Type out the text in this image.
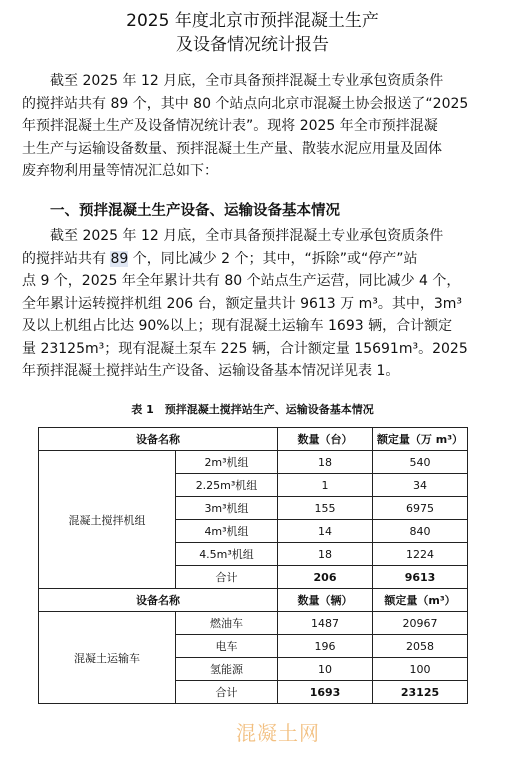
2025 年度北京市预拌混凝土生产
及设备情况统计报告
截至 2025 年 12 月底，全市具备预拌混凝土专业承包资质条件
的搅拌站共有 89 个，其中 80 个站点向北京市混凝土协会报送了“2025
年预拌混凝土生产及设备情况统计表”。现将 2025 年全市预拌混凝
土生产与运输设备数量、预拌混凝土生产量、散装水泥应用量及固体
废弃物利用量等情况汇总如下：
一、预拌混凝土生产设备、运输设备基本情况
截至 2025 年 12 月底，全市具备预拌混凝土专业承包资质条件
的搅拌站共有 89 个，同比减少 2 个；其中，“拆除”或“停产”站
点 9 个，2025 年全年累计共有 80 个站点生产运营，同比减少 4 个，
全年累计运转搅拌机组 206 台，额定量共计 9613 万 m³。其中，3m³
及以上机组占比达 90%以上；现有混凝土运输车 1693 辆，合计额定
量 23125m³；现有混凝土泵车 225 辆，合计额定量 15691m³。2025
年预拌混凝土搅拌站生产设备、运输设备基本情况详见表 1。
表 1　预拌混凝土搅拌站生产、运输设备基本情况
设备名称		数量（台）	额定量（万 m³）
混凝土搅拌机组	2m³机组	18	540
	2.25m³机组	1	34
	3m³机组	155	6975
	4m³机组	14	840
	4.5m³机组	18	1224
	合计	206	9613
设备名称		数量（辆）	额定量（m³）
混凝土运输车	燃油车	1487	20967
	电车	196	2058
	氢能源	10	100
	合计	1693	23125
混凝土网
